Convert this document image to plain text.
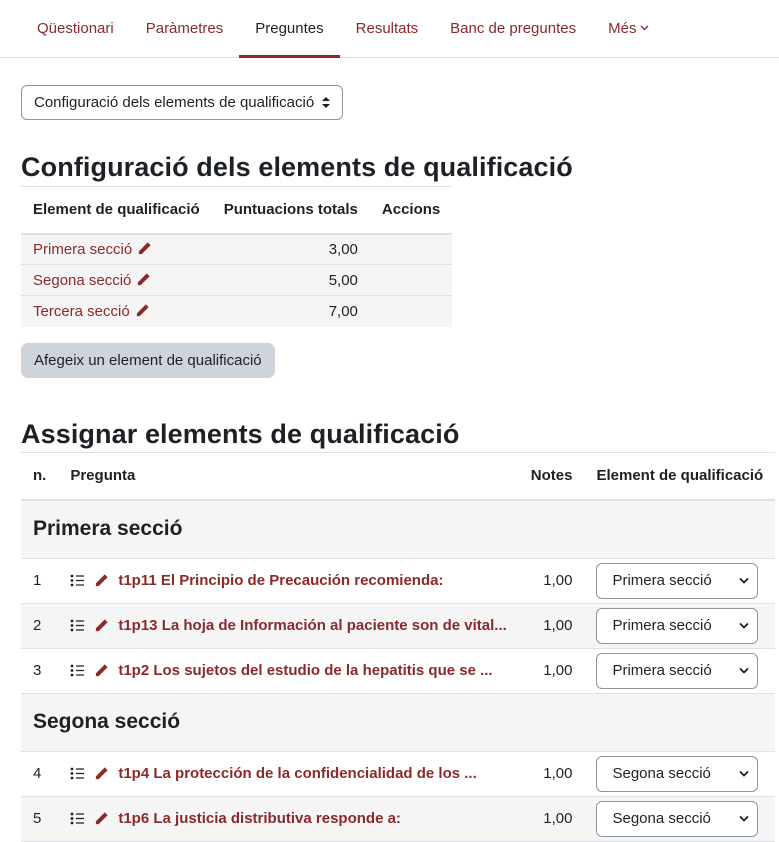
Qüestionari	Paràmetres	Preguntes	Resultats	Banc de preguntes	Més
Configuració dels elements de qualificació
Configuració dels elements de qualificació
Element de qualificació	Puntuacions totals	Accions
Primera secció	3,00	
Segona secció	5,00	
Tercera secció	7,00	
Afegeix un element de qualificació
Assignar elements de qualificació
n.	Pregunta	Notes	Element de qualificació
Primera secció			
1	t1p11 El Principio de Precaución recomienda:	1,00	Primera secció

2	t1p13 La hoja de Información al paciente son de vital...	1,00	Primera secció

3	t1p2 Los sujetos del estudio de la hepatitis que se ...	1,00	Primera secció

Segona secció			
4	t1p4 La protección de la confidencialidad de los ...	1,00	Segona secció

5	t1p6 La justicia distributiva responde a:	1,00	Segona secció
